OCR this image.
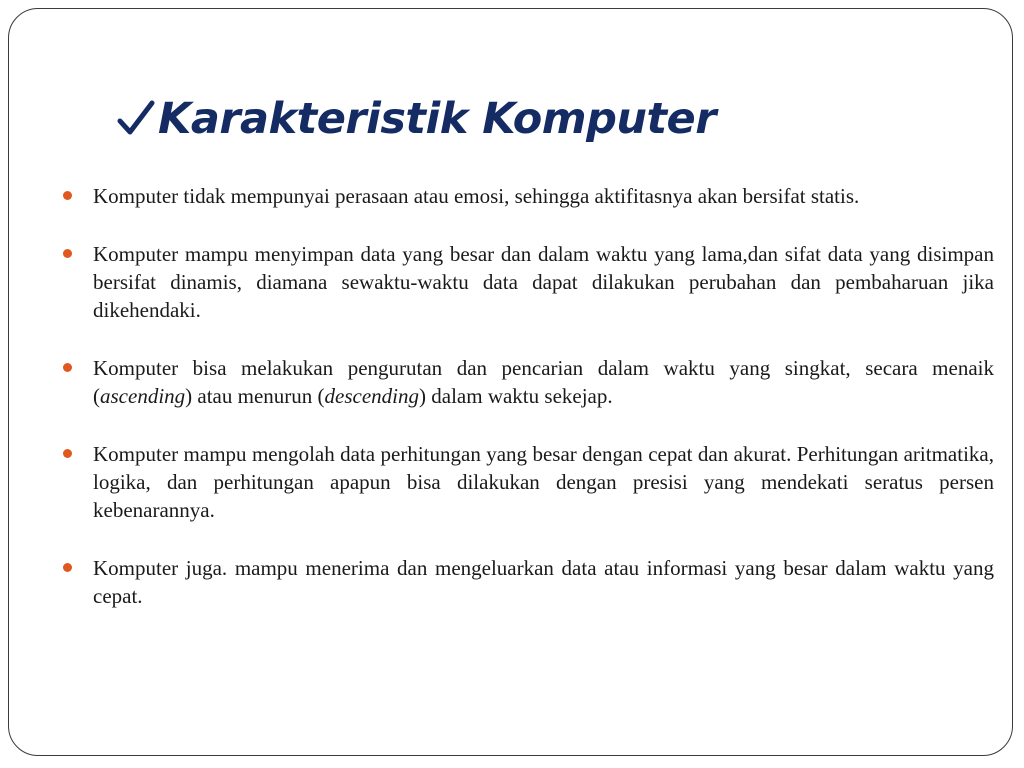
Karakteristik Komputer
Komputer tidak mempunyai perasaan atau emosi, sehingga aktifitasnya akan bersifat statis.
Komputer mampu menyimpan data yang besar dan dalam waktu yang lama,dan sifat data yang disimpan bersifat dinamis, diamana sewaktu-waktu data dapat dilakukan perubahan dan pembaharuan jika dikehendaki.
Komputer bisa melakukan pengurutan dan pencarian dalam waktu yang singkat, secara menaik (ascending) atau menurun (descending) dalam waktu sekejap.
Komputer mampu mengolah data perhitungan yang besar dengan cepat dan akurat. Perhitungan aritmatika, logika, dan perhitungan apapun bisa dilakukan dengan presisi yang mendekati seratus persen kebenarannya.
Komputer juga. mampu menerima dan mengeluarkan data atau informasi yang besar dalam waktu yang cepat.
